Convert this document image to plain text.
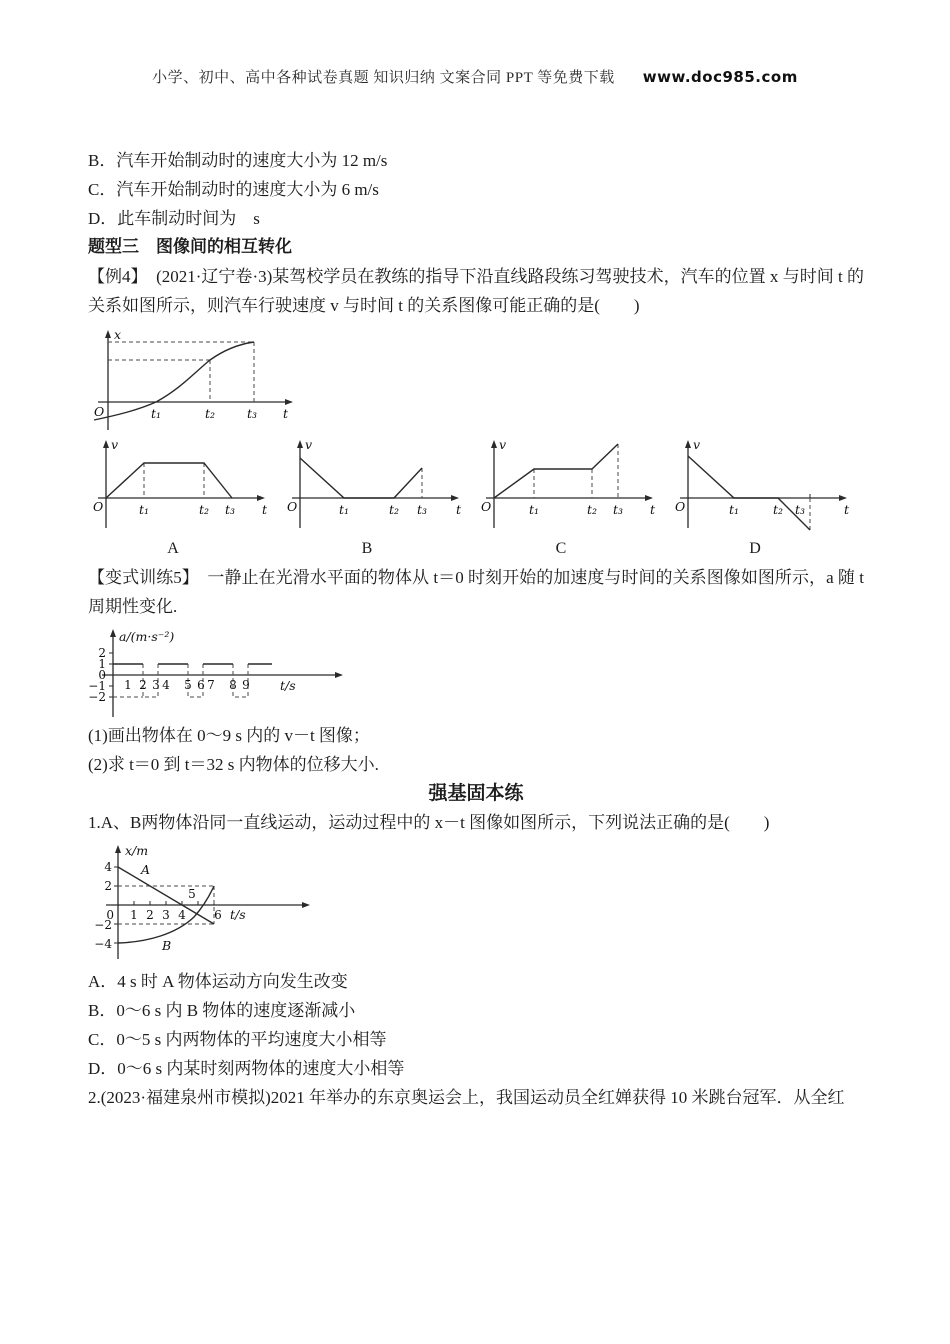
小学、初中、高中各种试卷真题 知识归纳 文案合同 PPT 等免费下载 www.doc985.com

B．汽车开始制动时的速度大小为 12 m/s

C．汽车开始制动时的速度大小为 6 m/s

D．此车制动时间为　s

题型三　图像间的相互转化

【例4】　(2021·辽宁卷·3)某驾校学员在教练的指导下沿直线路段练习驾驶技术，汽车的位置 x 与时间 t 的关系如图所示，则汽车行驶速度 v 与时间 t 的关系图像可能正确的是(　　)

x
t
O	t₁	t₂	t₃
v
t
O	t₁	t₂ t₃
A
v
t
O	t₁	t₂ t₃
B
v
t
O	t₁	t₂ t₃
C
v
t
O	t₁	t₂ t₃
D

【变式训练5】　一静止在光滑水平面的物体从 t＝0 时刻开始的加速度与时间的关系图像如图所示，a 随 t 周期性变化.

a/(m·s⁻²)
2
1
0
−1
−2
1 2 3 4 5 6 7 8 9 t/s

(1)画出物体在 0～9 s 内的 v－t 图像；

(2)求 t＝0 到 t＝32 s 内物体的位移大小.

强基固本练

1.A、B两物体沿同一直线运动，运动过程中的 x－t 图像如图所示，下列说法正确的是(　　)

x/m
A
B
4
2
−2
−4
0 1 2 3 4
5
6 t/s

A．4 s 时 A 物体运动方向发生改变

B．0～6 s 内 B 物体的速度逐渐减小

C．0～5 s 内两物体的平均速度大小相等

D．0～6 s 内某时刻两物体的速度大小相等

2.(2023·福建泉州市模拟)2021 年举办的东京奥运会上，我国运动员全红婵获得 10 米跳台冠军．从全红
